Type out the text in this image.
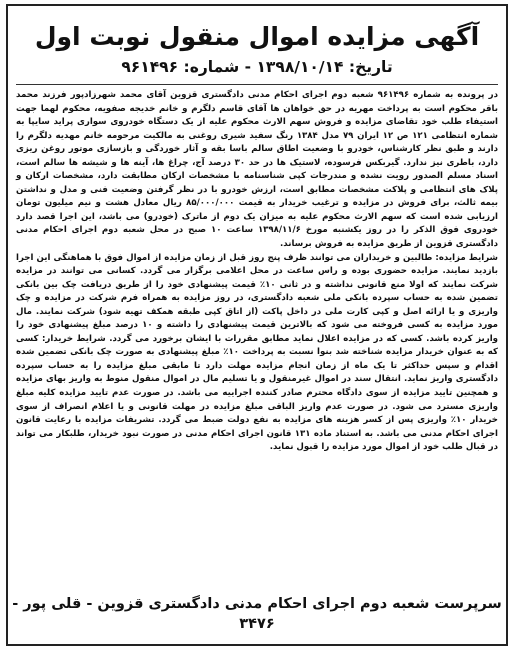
آگهی مزایده اموال منقول نوبت اول
تاریخ: ۱۳۹۸/۱۰/۱۴ - شماره: ۹۶۱۴۹۶

در پرونده به شماره ۹۶۱۴۹۶ شعبه دوم اجرای احکام مدنی دادگستری قزوین آقای محمد شهرزادپور فرزند محمد باقر محکوم است به پرداخت مهریه در حق خواهان ها آقای قاسم دلگرم و خانم خدیجه صفویه، محکوم لهما جهت استیفاء طلب خود تقاضای مزایده و فروش سهم الارث محکوم علیه از یک دستگاه خودروی سواری پراید سایپا به شماره انتظامی ۱۲۱ ص ۱۲ ایران ۷۹ مدل ۱۳۸۴ رنگ سفید شیری روغنی به مالکیت مرحومه خانم مهدیه دلگرم را دارند و طبق نظر کارشناس، خودرو با وضعیت اطاق سالم باسا بقه و آثار خوردگی و بازسازی موتور روغن ریزی دارد، باطری نیز ندارد. گیربکس فرسوده، لاستیک ها در حد ۳۰ درصد آج، چراغ ها، آینه ها و شیشه ها سالم است، اسناد مسلم الصدور رویت نشده و مندرجات کپی شناسنامه با مشخصات ارکان مطابقت دارد، مشخصات ارکان و پلاک های انتظامی و پلاکت مشخصات مطابق است، ارزش خودرو با در نظر گرفتن وضعیت فنی و مدل و نداشتن بیمه ثالث، برای فروش در مزایده و ترغیب خریدار به قیمت ۸۵/۰۰۰/۰۰۰ ریال معادل هشت و نیم میلیون تومان ارزیابی شده است که سهم الارث محکوم علیه به میزان یک دوم از ماترک (خودرو) می باشد، این اجرا قصد دارد خودروی فوق الذکر را در روز یکشنبه مورخ ۱۳۹۸/۱۱/۶ ساعت ۱۰ صبح در محل شعبه دوم اجرای احکام مدنی دادگستری قزوین از طریق مزایده به فروش برساند.

شرایط مزایده: طالبین و خریداران می توانند ظرف پنج روز قبل از زمان مزایده از اموال فوق با هماهنگی این اجرا بازدید نمایند. مزایده حضوری بوده و راس ساعت در محل اعلامی برگزار می گردد. کسانی می توانند در مزایده شرکت نمایند که اولا منع قانونی نداشته و در ثانی ۱۰٪ قیمت پیشنهادی خود را از طریق دریافت چک بین بانکی تضمین شده به حساب سپرده بانکی ملی شعبه دادگستری، در روز مزایده به همراه فرم شرکت در مزایده و چک واریزی و یا ارائه اصل و کپی کارت ملی در داخل پاکت (از اتاق کپی طبقه همکف تهیه شود) شرکت نمایند. مال مورد مزایده به کسی فروخته می شود که بالاترین قیمت پیشنهادی را داشته و ۱۰ درصد مبلغ پیشنهادی خود را واریز کرده باشد. کسی که در مزایده اعلال نماید مطابق مقررات با ایشان برخورد می گردد. شرایط خریدار: کسی که به عنوان خریدار مزایده شناخته شد بنوا نسبت به پرداخت ۱۰٪ مبلغ پیشنهادی به صورت چک بانکی تضمین شده اقدام و سپس حداکثر تا یک ماه از زمان انجام مزایده مهلت دارد تا مابقی مبلغ مزایده را به حساب سپرده دادگستری واریز نماید. انتقال سند در اموال غیرمنقول و یا تسلیم مال در اموال منقول منوط به واریز بهای مزایده و همچنین تایید مزایده از سوی دادگاه محترم صادر کننده اجراییه می باشد. در صورت عدم تایید مزایده کلیه مبلغ واریزی مسترد می شود. در صورت عدم واریز الباقی مبلغ مزایده در مهلت قانونی و یا اعلام انصراف از سوی خریدار ۱۰٪ واریزی پس از کسر هزینه های مزایده به نفع دولت ضبط می گردد. تشریفات مزایده با رعایت قانون اجرای احکام مدنی می باشد. به استناد ماده ۱۳۱ قانون اجرای احکام مدنی در صورت نبود خریدار، طلبکار می تواند در قبال طلب خود از اموال مورد مزایده را قبول نماید.

سرپرست شعبه دوم اجرای احکام مدنی دادگستری قزوین - قلی پور - ۳۴۷۶
